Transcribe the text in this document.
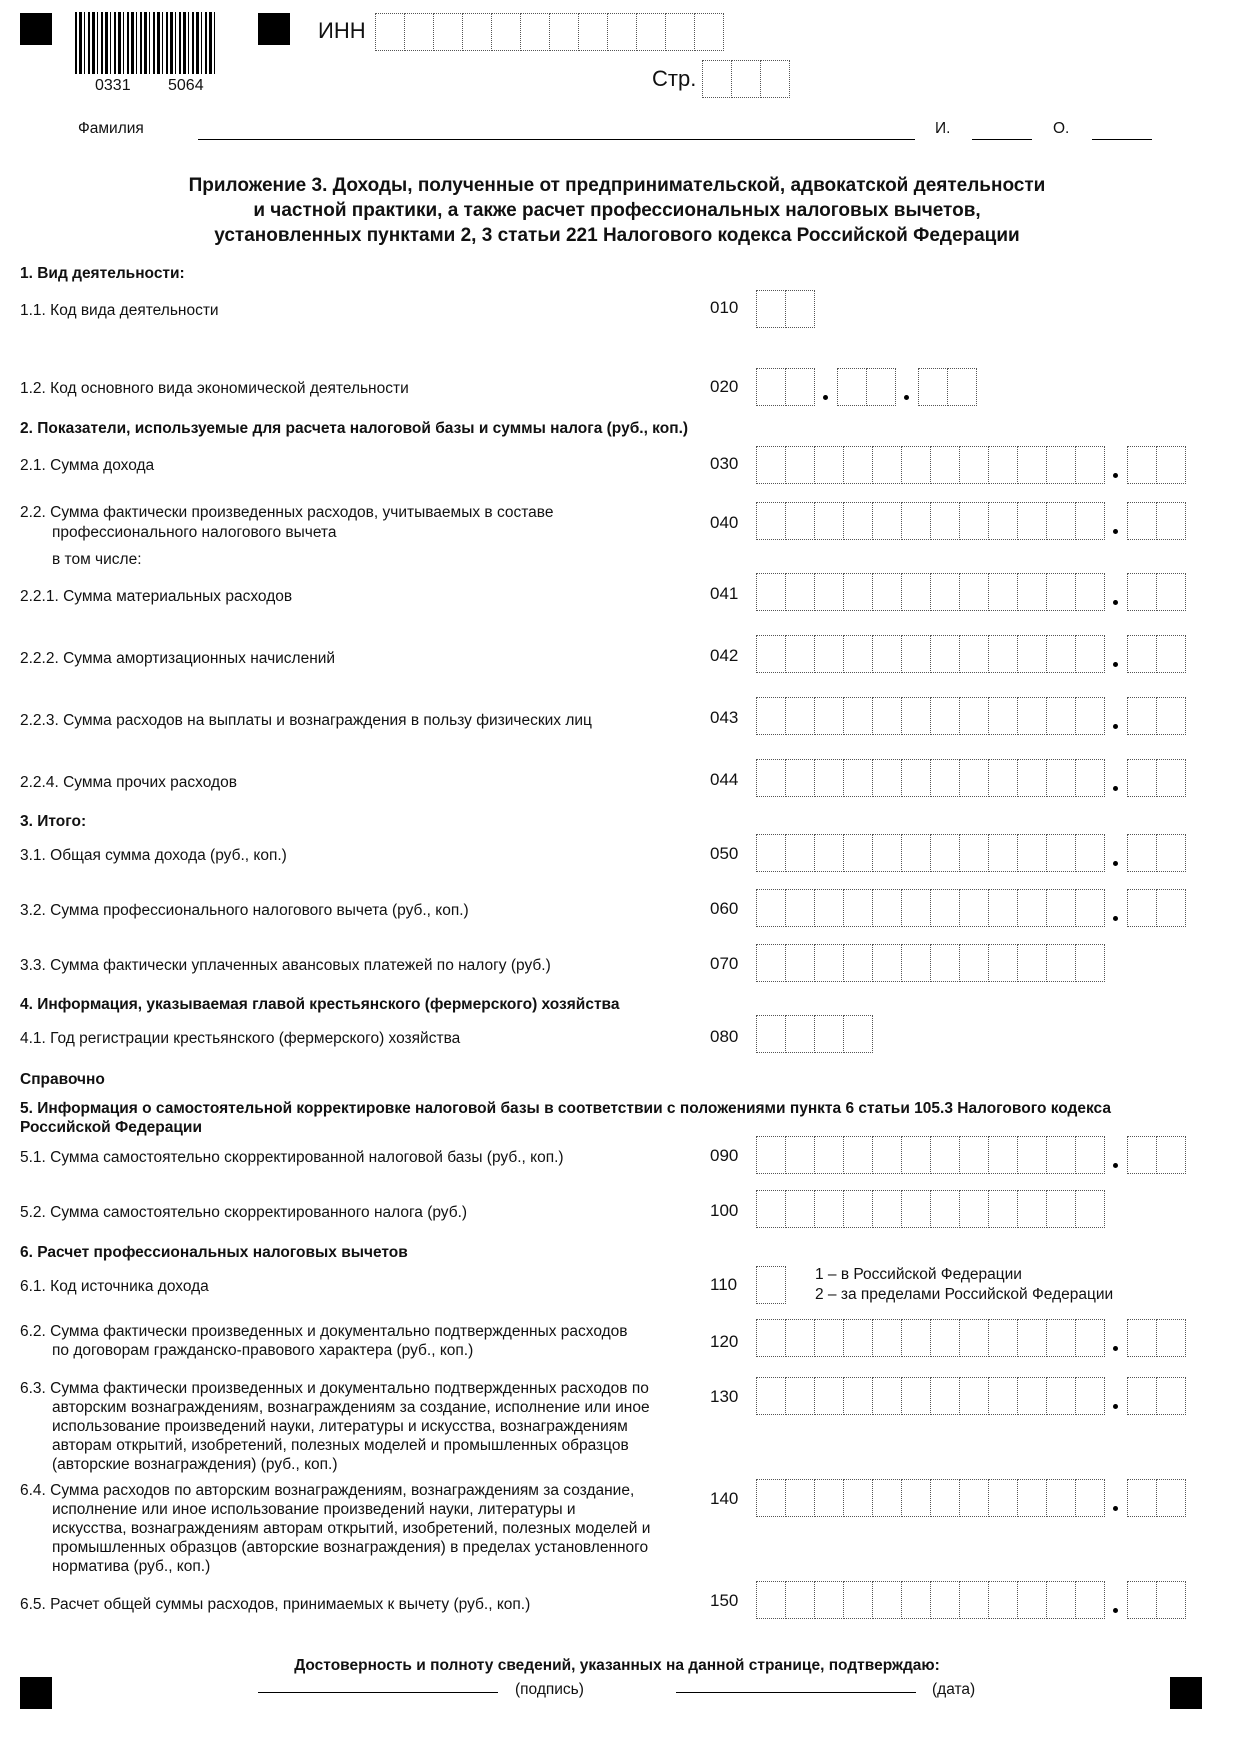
0331 5064
ИНН
Стр.
Фамилия	И.	О.
Приложение 3. Доходы, полученные от предпринимательской, адвокатской деятельности
и частной практики, а также расчет профессиональных налоговых вычетов,
установленных пунктами 2, 3 статьи 221 Налогового кодекса Российской Федерации
1. Вид деятельности:
1.1. Код вида деятельности	010
1.2. Код основного вида экономической деятельности	020
2. Показатели, используемые для расчета налоговой базы и суммы налога (руб., коп.)
2.1. Сумма дохода	030
2.2. Сумма фактически произведенных расходов, учитываемых в составе
профессионального налогового вычета
в том числе:
040
2.2.1. Сумма материальных расходов	041
2.2.2. Сумма амортизационных начислений	042
2.2.3. Сумма расходов на выплаты и вознаграждения в пользу физических лиц	043
2.2.4. Сумма прочих расходов	044
3. Итого:
3.1. Общая сумма дохода (руб., коп.)	050
3.2. Сумма профессионального налогового вычета (руб., коп.)	060
3.3. Сумма фактически уплаченных авансовых платежей по налогу (руб.)	070
4. Информация, указываемая главой крестьянского (фермерского) хозяйства
4.1. Год регистрации крестьянского (фермерского) хозяйства	080
Справочно
5. Информация о самостоятельной корректировке налоговой базы в соответствии с положениями пункта 6 статьи 105.3 Налогового кодекса
Российской Федерации
5.1. Сумма самостоятельно скорректированной налоговой базы (руб., коп.)	090
5.2. Сумма самостоятельно скорректированного налога (руб.)	100
6. Расчет профессиональных налоговых вычетов
6.1. Код источника дохода	110
1 – в Российской Федерации
2 – за пределами Российской Федерации
6.2. Сумма фактически произведенных и документально подтвержденных расходов
по договорам гражданско-правового характера (руб., коп.)	120
6.3. Сумма фактически произведенных и документально подтвержденных расходов по
авторским вознаграждениям, вознаграждениям за создание, исполнение или иное
использование произведений науки, литературы и искусства, вознаграждениям
авторам открытий, изобретений, полезных моделей и промышленных образцов
(авторские вознаграждения) (руб., коп.)
130
6.4. Сумма расходов по авторским вознаграждениям, вознаграждениям за создание,
исполнение или иное использование произведений науки, литературы и
искусства, вознаграждениям авторам открытий, изобретений, полезных моделей и
промышленных образцов (авторские вознаграждения) в пределах установленного
норматива (руб., коп.)
140
6.5. Расчет общей суммы расходов, принимаемых к вычету (руб., коп.)	150
Достоверность и полноту сведений, указанных на данной странице, подтверждаю:
(подпись)	(дата)
